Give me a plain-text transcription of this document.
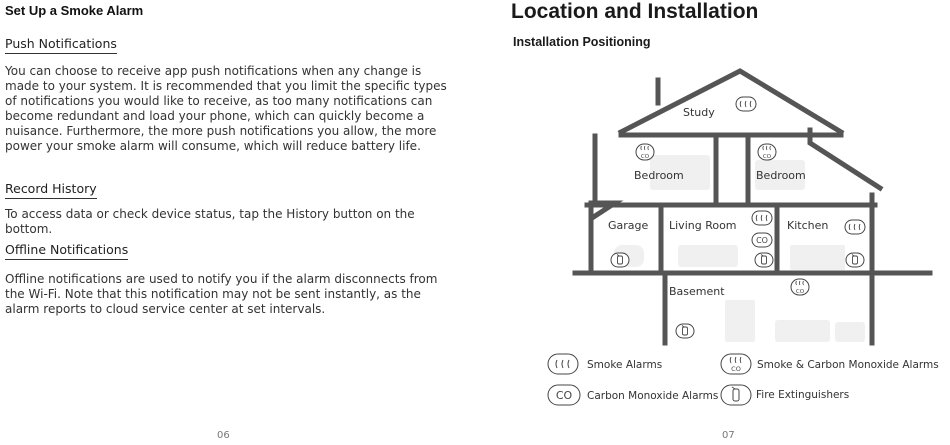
Set Up a Smoke Alarm
Push Notifications

You can choose to receive app push notifications when any change is made to your system. It is recommended that you limit the specific types of notifications you would like to receive, as too many notifications can become redundant and load your phone, which can quickly become a nuisance. Furthermore, the more push notifications you allow, the more power your smoke alarm will consume, which will reduce battery life.

Record History

To access data or check device status, tap the History button on the bottom.

Offline Notifications

Offline notifications are used to notify you if the alarm disconnects from the Wi-Fi. Note that this notification may not be sent instantly, as the alarm reports to cloud service center at set intervals.

06
Location and Installation
Installation Positioning
Study
Bedroom	Bedroom
Garage Living Room	Kitchen
Basement
CO	CO
CO
CO
Smoke Alarms	CO Smoke & Carbon Monoxide Alarms
CO Carbon Monoxide Alarms	Fire Extinguishers
07
